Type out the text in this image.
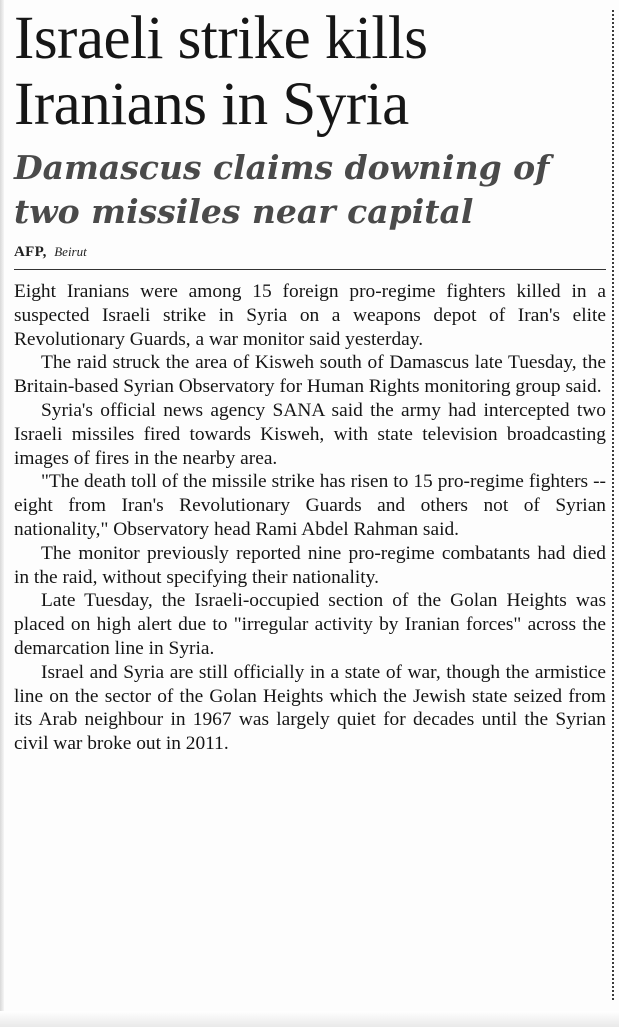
Israeli strike kills Iranians in Syria
Damascus claims downing of two missiles near capital
AFP, Beirut

Eight Iranians were among 15 foreign pro-regime fighters killed in a suspected Israeli strike in Syria on a weapons depot of Iran's elite Revolutionary Guards, a war monitor said yesterday.

The raid struck the area of Kisweh south of Damascus late Tuesday, the Britain-based Syrian Observatory for Human Rights monitoring group said.

Syria's official news agency SANA said the army had intercepted two Israeli missiles fired towards Kisweh, with state television broadcasting images of fires in the nearby area.

"The death toll of the missile strike has risen to 15 pro-regime fighters -- eight from Iran's Revolutionary Guards and others not of Syrian nationality," Observatory head Rami Abdel Rahman said.

The monitor previously reported nine pro-regime combatants had died in the raid, without specifying their nationality.

Late Tuesday, the Israeli-occupied section of the Golan Heights was placed on high alert due to "irregular activity by Iranian forces" across the demarcation line in Syria.

Israel and Syria are still officially in a state of war, though the armistice line on the sector of the Golan Heights which the Jewish state seized from its Arab neighbour in 1967 was largely quiet for decades until the Syrian civil war broke out in 2011.
